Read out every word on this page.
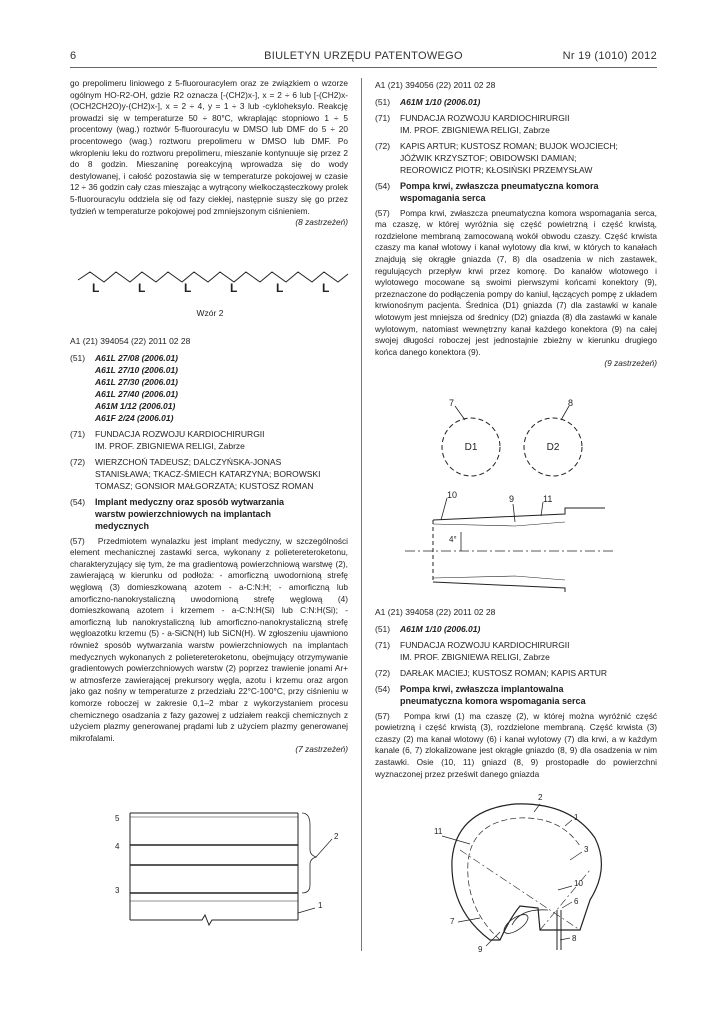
6	BIULETYN URZĘDU PATENTOWEGO	Nr 19 (1010) 2012

go prepolimeru liniowego z 5-fluorouracylem oraz ze związkiem o wzorze ogólnym HO-R2-OH, gdzie R2 oznacza [-(CH2)x-], x = 2 ÷ 6 lub [-(CH2)x-(OCH2CH2O)y-(CH2)x-], x = 2 ÷ 4, y = 1 ÷ 3 lub -cykloheksylo. Reakcję prowadzi się w temperaturze 50 ÷ 80°C, wkraplając stopniowo 1 ÷ 5 procentowy (wag.) roztwór 5-fluorouracylu w DMSO lub DMF do 5 ÷ 20 procentowego (wag.) roztworu prepolimeru w DMSO lub DMF. Po wkropleniu leku do roztworu prepolimeru, mieszanie kontynuuje się przez 2 do 8 godzin. Mieszaninę poreakcyjną wprowadza się do wody destylowanej, i całość pozostawia się w temperaturze pokojowej w czasie 12 ÷ 36 godzin cały czas mieszając a wytrącony wielkocząsteczkowy prolek 5-fluorouracylu oddziela się od fazy ciekłej, następnie suszy się go przez tydzień w temperaturze pokojowej pod zmniejszonym ciśnieniem.

(8 zastrzeżeń)

L	L	L	L	L	L
Wzór 2

A1 (21) 394054 (22) 2011 02 28

(51) A61L 27/08 (2006.01)
A61L 27/10 (2006.01)
A61L 27/30 (2006.01)
A61L 27/40 (2006.01)
A61M 1/12 (2006.01)
A61F 2/24 (2006.01)
(71) FUNDACJA ROZWOJU KARDIOCHIRURGII
IM. PROF. ZBIGNIEWA RELIGI, Zabrze
(72) WIERZCHOŃ TADEUSZ; DALCZYŃSKA-JONAS
STANISŁAWA; TKACZ-ŚMIECH KATARZYNA; BOROWSKI
TOMASZ; GONSIOR MAŁGORZATA; KUSTOSZ ROMAN
(54) Implant medyczny oraz sposób wytwarzania
warstw powierzchniowych na implantach
medycznych

(57) Przedmiotem wynalazku jest implant medyczny, w szczególności element mechanicznej zastawki serca, wykonany z polietereteroketonu, charakteryzujący się tym, że ma gradientową powierzchniową warstwę (2), zawierającą w kierunku od podłoża: - amorficzną uwodornioną strefę węglową (3) domieszkowaną azotem - a-C:N:H; - amorficzną lub amorficzno-nanokrystaliczną uwodornioną strefę węglową (4) domieszkowaną azotem i krzemem - a-C:N:H(Si) lub C:N:H(Si); - amorficzną lub nanokrystaliczną lub amorficzno-nanokrystaliczną strefę węgloazotku krzemu (5) - a-SiCN(H) lub SiCN(H). W zgłoszeniu ujawniono również sposób wytwarzania warstw powierzchniowych na implantach medycznych wykonanych z polietereteroketonu, obejmujący otrzymywanie gradientowych powierzchniowych warstw (2) poprzez trawienie jonami Ar+ w atmosferze zawierającej prekursory węgla, azotu i krzemu oraz argon jako gaz nośny w temperaturze z przedziału 22°C-100°C, przy ciśnieniu w komorze roboczej w zakresie 0,1–2 mbar z wykorzystaniem procesu chemicznego osadzania z fazy gazowej z udziałem reakcji chemicznych z użyciem plazmy generowanej prądami lub z użyciem plazmy generowanej mikrofalami.

(7 zastrzeżeń)

5
4
3
2
1

A1 (21) 394056 (22) 2011 02 28

(51) A61M 1/10 (2006.01)
(71) FUNDACJA ROZWOJU KARDIOCHIRURGII
IM. PROF. ZBIGNIEWA RELIGI, Zabrze
(72) KAPIS ARTUR; KUSTOSZ ROMAN; BUJOK WOJCIECH;
JÓŹWIK KRZYSZTOF; OBIDOWSKI DAMIAN;
REOROWICZ PIOTR; KŁOSIŃSKI PRZEMYSŁAW
(54) Pompa krwi, zwłaszcza pneumatyczna komora
wspomagania serca

(57) Pompa krwi, zwłaszcza pneumatyczna komora wspomagania serca, ma czaszę, w której wyróżnia się część powietrzną i część krwistą, rozdzielone membraną zamocowaną wokół obwodu czaszy. Część krwista czaszy ma kanał wlotowy i kanał wylotowy dla krwi, w których to kanałach znajdują się okrągłe gniazda (7, 8) dla osadzenia w nich zastawek, regulujących przepływ krwi przez komorę. Do kanałów wlotowego i wylotowego mocowane są swoimi pierwszymi końcami konektory (9), przeznaczone do podłączenia pompy do kaniul, łączących pompę z układem krwionośnym pacjenta. Średnica (D1) gniazda (7) dla zastawki w kanale wlotowym jest mniejsza od średnicy (D2) gniazda (8) dla zastawki w kanale wylotowym, natomiast wewnętrzny kanał każdego konektora (9) na całej swojej długości roboczej jest jednostajnie zbieżny w kierunku drugiego końca danego konektora (9).

(9 zastrzeżeń)

7	8
D1	D2
10	9	11
4°

A1 (21) 394058 (22) 2011 02 28

(51) A61M 1/10 (2006.01)
(71) FUNDACJA ROZWOJU KARDIOCHIRURGII
IM. PROF. ZBIGNIEWA RELIGI, Zabrze
(72) DARŁAK MACIEJ; KUSTOSZ ROMAN; KAPIS ARTUR
(54) Pompa krwi, zwłaszcza implantowalna
pneumatyczna komora wspomagania serca

(57) Pompa krwi (1) ma czaszę (2), w której można wyróżnić część powietrzną i część krwistą (3), rozdzielone membraną. Część krwista (3) czaszy (2) ma kanał wlotowy (6) i kanał wylotowy (7) dla krwi, a w każdym kanale (6, 7) zlokalizowane jest okrągłe gniazdo (8, 9) dla osadzenia w nim zastawki. Osie (10, 11) gniazd (8, 9) prostopadłe do powierzchni wyznaczonej przez prześwit danego gniazda

2
1
11
3
10
6
7
9
8
